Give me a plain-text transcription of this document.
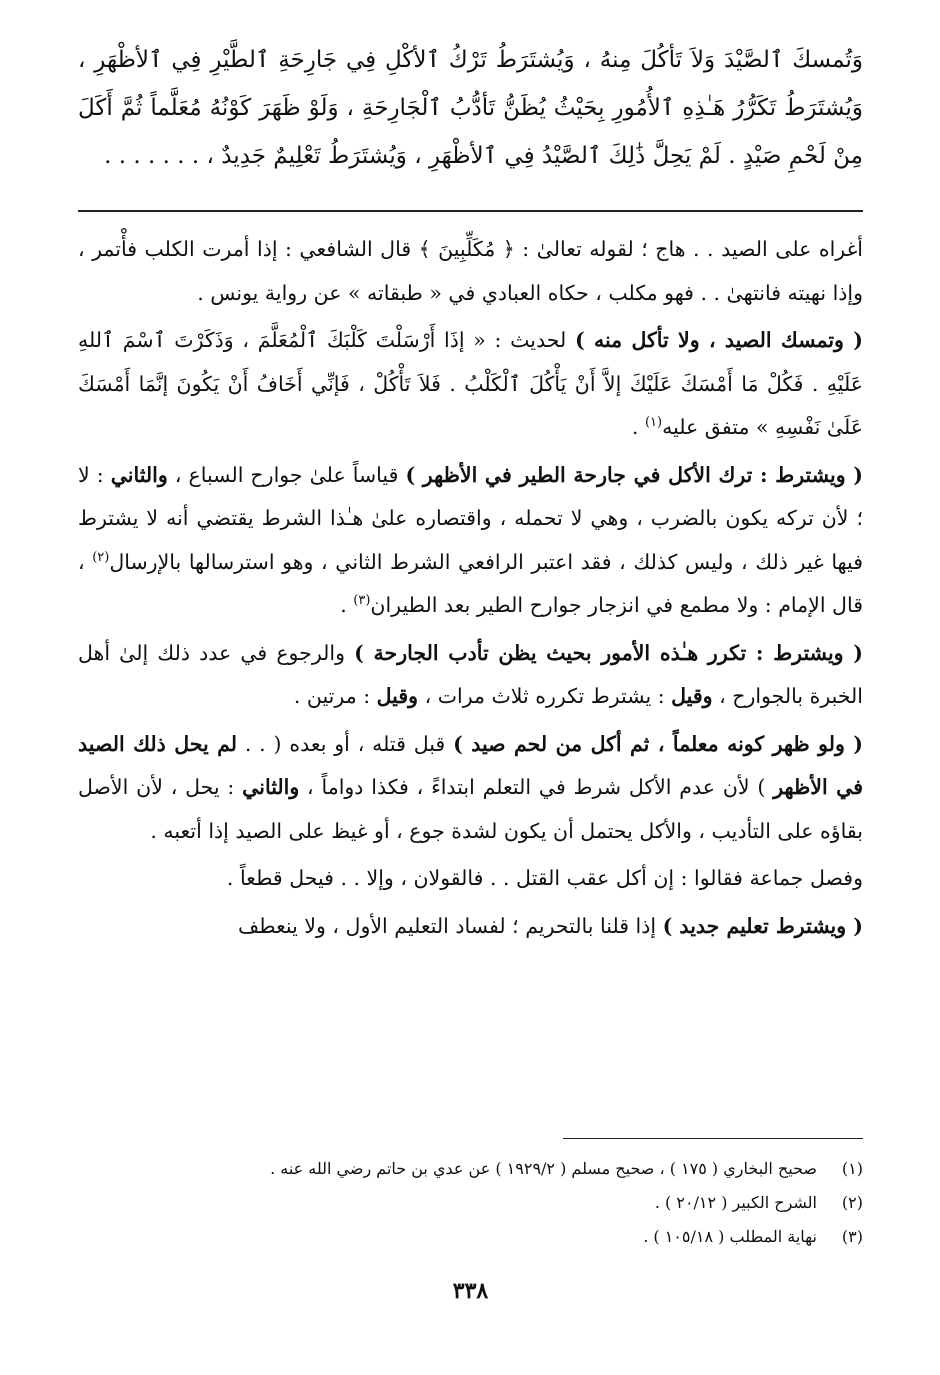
وَتُمسكَ ٱلصَّيْدَ وَلاَ تَأكُلَ مِنهُ ، وَيُشتَرَطُ تَرْكُ ٱلأكْلِ فِي جَارِحَةِ ٱلطَّيْرِ فِي ٱلأظْهَرِ ، وَيُشتَرَطُ تَكَرُّرُ هَـٰذِهِ ٱلأُمُورِ بِحَيْثُ يُظَنُّ تَأدُّبُ ٱلْجَارِحَةِ ، وَلَوْ ظَهَرَ كَوْنُهُ مُعَلَّماً ثُمَّ أَكَلَ مِنْ لَحْمِ صَيْدٍ . لَمْ يَحِلَّ ذَٰلِكَ ٱلصَّيْدُ فِي ٱلأظْهَرِ ، وَيُشتَرَطُ تَعْلِيمٌ جَدِيدٌ ، . . . . . . .

أغراه على الصيد . . هاج ؛ لقوله تعالىٰ : ﴿ مُكَلِّبِينَ ﴾ قال الشافعي : إذا أمرت الكلب فأْتمر ، وإذا نهيته فانتهىٰ . . فهو مكلب ، حكاه العبادي في « طبقاته » عن رواية يونس .

( وتمسك الصيد ، ولا تأكل منه ) لحديث : « إذَا أَرْسَلْتَ كَلْبَكَ ٱلْمُعَلَّمَ ، وَذَكَرْتَ ٱسْمَ ٱللهِ عَلَيْهِ . فَكُلْ مَا أَمْسَكَ عَلَيْكَ إلاَّ أَنْ يَأْكُلَ ٱلْكَلْبُ . فَلاَ تَأْكُلْ ، فَإنِّي أَخَافُ أَنْ يَكُونَ إنَّمَا أَمْسَكَ عَلَىٰ نَفْسِهِ » متفق عليه$^{(١)}$ .

( ويشترط : ترك الأكل في جارحة الطير في الأظهر ) قياساً علىٰ جوارح السباع ، والثاني : لا ؛ لأن تركه يكون بالضرب ، وهي لا تحمله ، واقتصاره علىٰ هـٰذا الشرط يقتضي أنه لا يشترط فيها غير ذلك ، وليس كذلك ، فقد اعتبر الرافعي الشرط الثاني ، وهو استرسالها بالإرسال$^{(٢)}$ ، قال الإمام : ولا مطمع في انزجار جوارح الطير بعد الطيران$^{(٣)}$ .

( ويشترط : تكرر هـٰذه الأمور بحيث يظن تأدب الجارحة ) والرجوع في عدد ذلك إلىٰ أهل الخبرة بالجوارح ، وقيل : يشترط تكرره ثلاث مرات ، وقيل : مرتين .

( ولو ظهر كونه معلماً ، ثم أكل من لحم صيد ) قبل قتله ، أو بعده ( . . لم يحل ذلك الصيد في الأظهر ) لأن عدم الأكل شرط في التعلم ابتداءً ، فكذا دواماً ، والثاني : يحل ، لأن الأصل بقاؤه على التأديب ، والأكل يحتمل أن يكون لشدة جوع ، أو غيظ على الصيد إذا أتعبه .

وفصل جماعة فقالوا : إن أكل عقب القتل . . فالقولان ، وإلا . . فيحل قطعاً .

( ويشترط تعليم جديد ) إذا قلنا بالتحريم ؛ لفساد التعليم الأول ، ولا ينعطف

(١)
صحيح البخاري ( ١٧٥ ) ، صحيح مسلم ( ١٩٢٩/٢ ) عن عدي بن حاتم رضي الله عنه .
(٢)
الشرح الكبير ( ٢٠/١٢ ) .
(٣)
نهاية المطلب ( ١٠٥/١٨ ) .
٣٣٨
